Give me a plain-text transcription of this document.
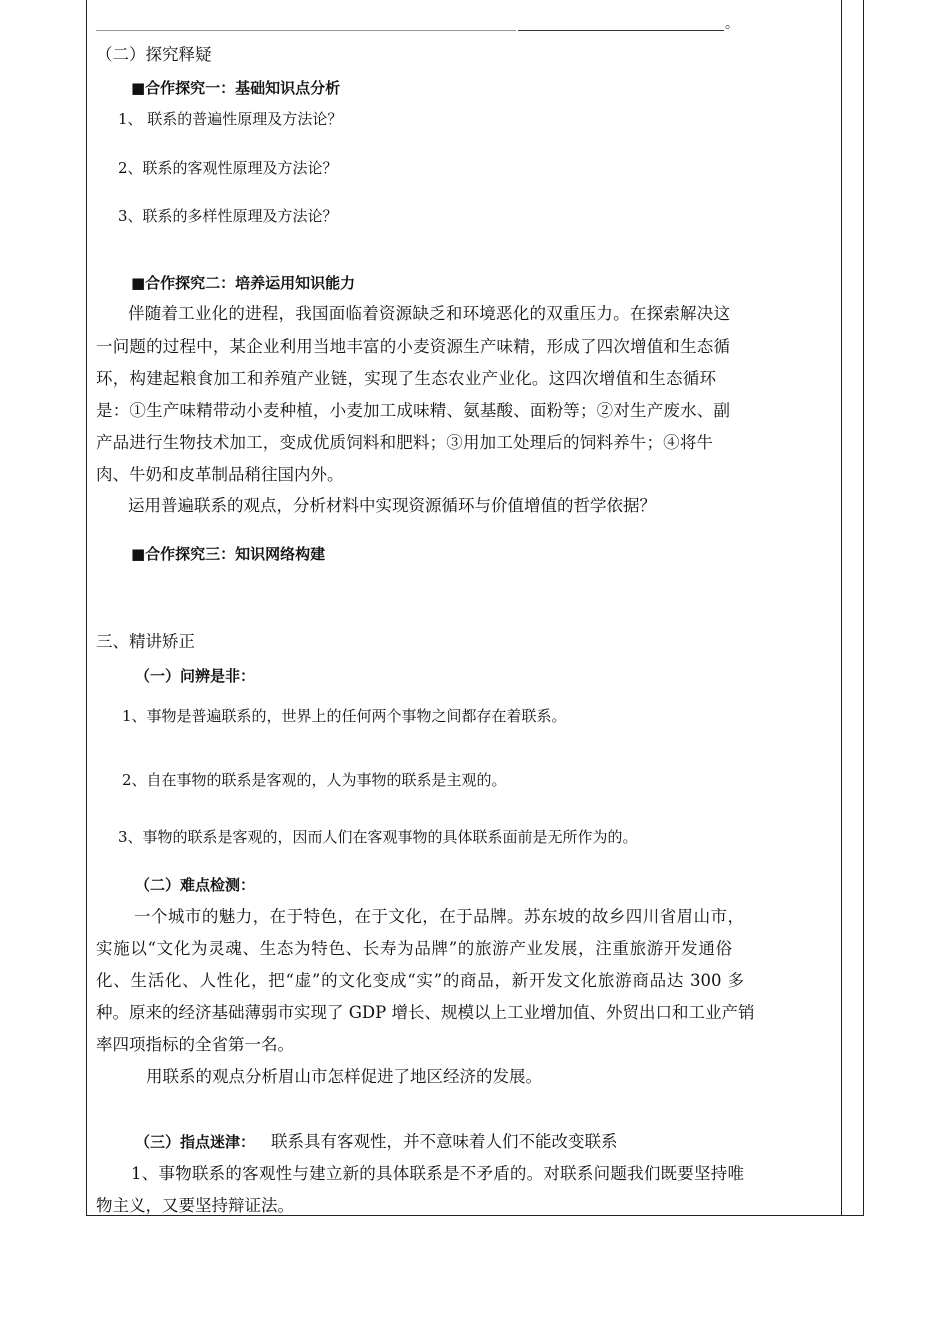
。
（二）探究释疑
■合作探究一：基础知识点分析
1、 联系的普遍性原理及方法论？
2、联系的客观性原理及方法论？
3、联系的多样性原理及方法论？
■合作探究二：培养运用知识能力
伴随着工业化的进程，我国面临着资源缺乏和环境恶化的双重压力。在探索解决这
一问题的过程中，某企业利用当地丰富的小麦资源生产味精，形成了四次增值和生态循
环，构建起粮食加工和养殖产业链，实现了生态农业产业化。这四次增值和生态循环
是：①生产味精带动小麦种植，小麦加工成味精、氨基酸、面粉等；②对生产废水、副
产品进行生物技术加工，变成优质饲料和肥料；③用加工处理后的饲料养牛；④将牛
肉、牛奶和皮革制品稍往国内外。
运用普遍联系的观点，分析材料中实现资源循环与价值增值的哲学依据？
■合作探究三：知识网络构建
三、精讲矫正
（一）问辨是非：
1、事物是普遍联系的，世界上的任何两个事物之间都存在着联系。
2、自在事物的联系是客观的，人为事物的联系是主观的。
3、事物的联系是客观的，因而人们在客观事物的具体联系面前是无所作为的。
（二）难点检测：
一个城市的魅力，在于特色，在于文化，在于品牌。苏东坡的故乡四川省眉山市，
实施以“文化为灵魂、生态为特色、长寿为品牌”的旅游产业发展，注重旅游开发通俗
化、生活化、人性化，把“虚”的文化变成“实”的商品，新开发文化旅游商品达 300 多
种。原来的经济基础薄弱市实现了 GDP 增长、规模以上工业增加值、外贸出口和工业产销
率四项指标的全省第一名。
用联系的观点分析眉山市怎样促进了地区经济的发展。
（三）指点迷津： 联系具有客观性，并不意味着人们不能改变联系
1、事物联系的客观性与建立新的具体联系是不矛盾的。对联系问题我们既要坚持唯
物主义，又要坚持辩证法。
